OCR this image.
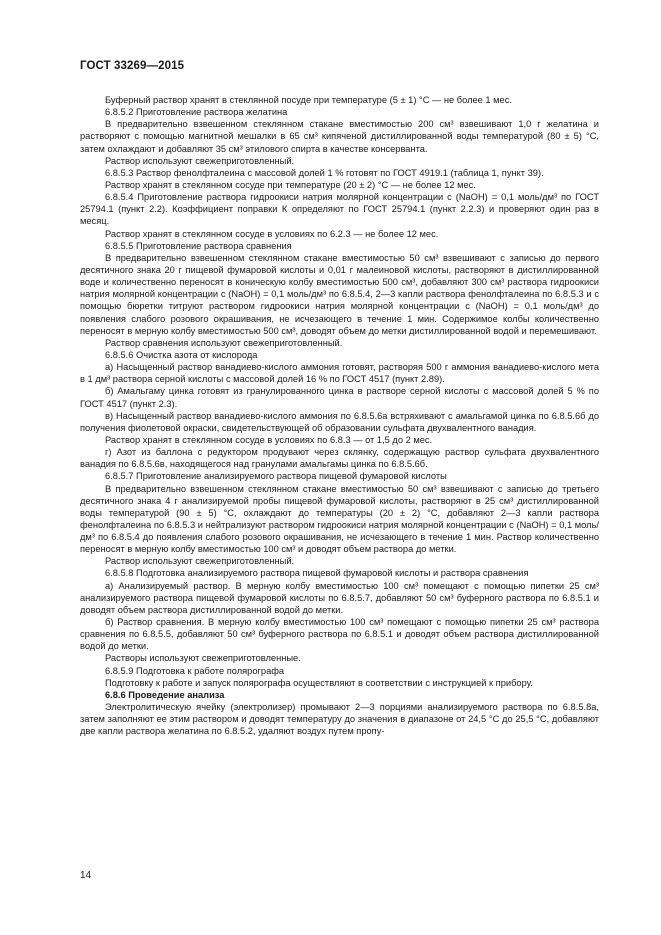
ГОСТ 33269—2015

Буферный раствор хранят в стеклянной посуде при температуре (5 ± 1) °С — не более 1 мес.

6.8.5.2 Приготовление раствора желатина

В предварительно взвешенном стеклянном стакане вместимостью 200 см³ взвешивают 1,0 г желатина и растворяют с помощью магнитной мешалки в 65 см³ кипяченой дистиллированной воды температурой (80 ± 5) °С, затем охлаждают и добавляют 35 см³ этилового спирта в качестве консерванта.

Раствор используют свежеприготовленный.

6.8.5.3 Раствор фенолфталеина с массовой долей 1 % готовят по ГОСТ 4919.1 (таблица 1, пункт 39).

Раствор хранят в стеклянном сосуде при температуре (20 ± 2) °С — не более 12 мес.

6.8.5.4 Приготовление раствора гидроокиси натрия молярной концентрации с (NaOH) = 0,1 моль/дм³ по ГОСТ 25794.1 (пункт 2.2). Коэффициент поправки К определяют по ГОСТ 25794.1 (пункт 2.2.3) и проверяют один раз в месяц.

Раствор хранят в стеклянном сосуде в условиях по 6.2.3 — не более 12 мес.

6.8.5.5 Приготовление раствора сравнения

В предварительно взвешенном стеклянном стакане вместимостью 50 см³ взвешивают с записью до первого десятичного знака 20 г пищевой фумаровой кислоты и 0,01 г малеиновой кислоты, растворяют в дистиллированной воде и количественно переносят в коническую колбу вместимостью 500 см³, добавляют 300 см³ раствора гидроокиси натрия молярной концентрации с (NaOH) = 0,1 моль/дм³ по 6.8.5.4, 2—3 капли раствора фенолфталеина по 6.8.5.3 и с помощью бюретки титруют раствором гидроокиси натрия молярной концентрации с (NaOH) = 0,1 моль/дм³ до появления слабого розового окрашивания, не исчезающего в течение 1 мин. Содержимое колбы количественно переносят в мерную колбу вместимостью 500 см³, доводят объем до метки дистиллированной водой и перемешивают.

Раствор сравнения используют свежеприготовленный.

6.8.5.6 Очистка азота от кислорода

а) Насыщенный раствор ванадиево-кислого аммония готовят, растворяя 500 г аммония ванадиево-кислого мета в 1 дм³ раствора серной кислоты с массовой долей 16 % по ГОСТ 4517 (пункт 2.89).

б) Амальгаму цинка готовят из гранулированного цинка в растворе серной кислоты с массовой долей 5 % по ГОСТ 4517 (пункт 2.3).

в) Насыщенный раствор ванадиево-кислого аммония по 6.8.5.6а встряхивают с амальгамой цинка по 6.8.5.6б до получения фиолетовой окраски, свидетельствующей об образовании сульфата двухвалентного ванадия.

Раствор хранят в стеклянном сосуде в условиях по 6.8.3 — от 1,5 до 2 мес.

г) Азот из баллона с редуктором продувают через склянку, содержащую раствор сульфата двухвалентного ванадия по 6.8.5.6в, находящегося над гранулами амальгамы цинка по 6.8.5.6б.

6.8.5.7 Приготовление анализируемого раствора пищевой фумаровой кислоты

В предварительно взвешенном стеклянном стакане вместимостью 50 см³ взвешивают с записью до третьего десятичного знака 4 г анализируемой пробы пищевой фумаровой кислоты, растворяют в 25 см³ дистиллированной воды температурой (90 ± 5) °С, охлаждают до температуры (20 ± 2) °С, добавляют 2—3 капли раствора фенолфталеина по 6.8.5.3 и нейтрализуют раствором гидроокиси натрия молярной концентрации с (NaOH) = 0,1 моль/дм³ по 6.8.5.4 до появления слабого розового окрашивания, не исчезающего в течение 1 мин. Раствор количественно переносят в мерную колбу вместимостью 100 см³ и доводят объем раствора до метки.

Раствор используют свежеприготовленный.

6.8.5.8 Подготовка анализируемого раствора пищевой фумаровой кислоты и раствора сравнения

а) Анализируемый раствор. В мерную колбу вместимостью 100 см³ помещают с помощью пипетки 25 см³ анализируемого раствора пищевой фумаровой кислоты по 6.8.5.7, добавляют 50 см³ буферного раствора по 6.8.5.1 и доводят объем раствора дистиллированной водой до метки.

б) Раствор сравнения. В мерную колбу вместимостью 100 см³ помещают с помощью пипетки 25 см³ раствора сравнения по 6.8.5.5, добавляют 50 см³ буферного раствора по 6.8.5.1 и доводят объем раствора дистиллированной водой до метки.

Растворы используют свежеприготовленные.

6.8.5.9 Подготовка к работе полярографа

Подготовку к работе и запуск полярографа осуществляют в соответствии с инструкцией к прибору.

6.8.6 Проведение анализа

Электролитическую ячейку (электролизер) промывают 2—3 порциями анализируемого раствора по 6.8.5.8а, затем заполняют ее этим раствором и доводят температуру до значения в диапазоне от 24,5 °С до 25,5 °С, добавляют две капли раствора желатина по 6.8.5.2, удаляют воздух путем пропу-

14
